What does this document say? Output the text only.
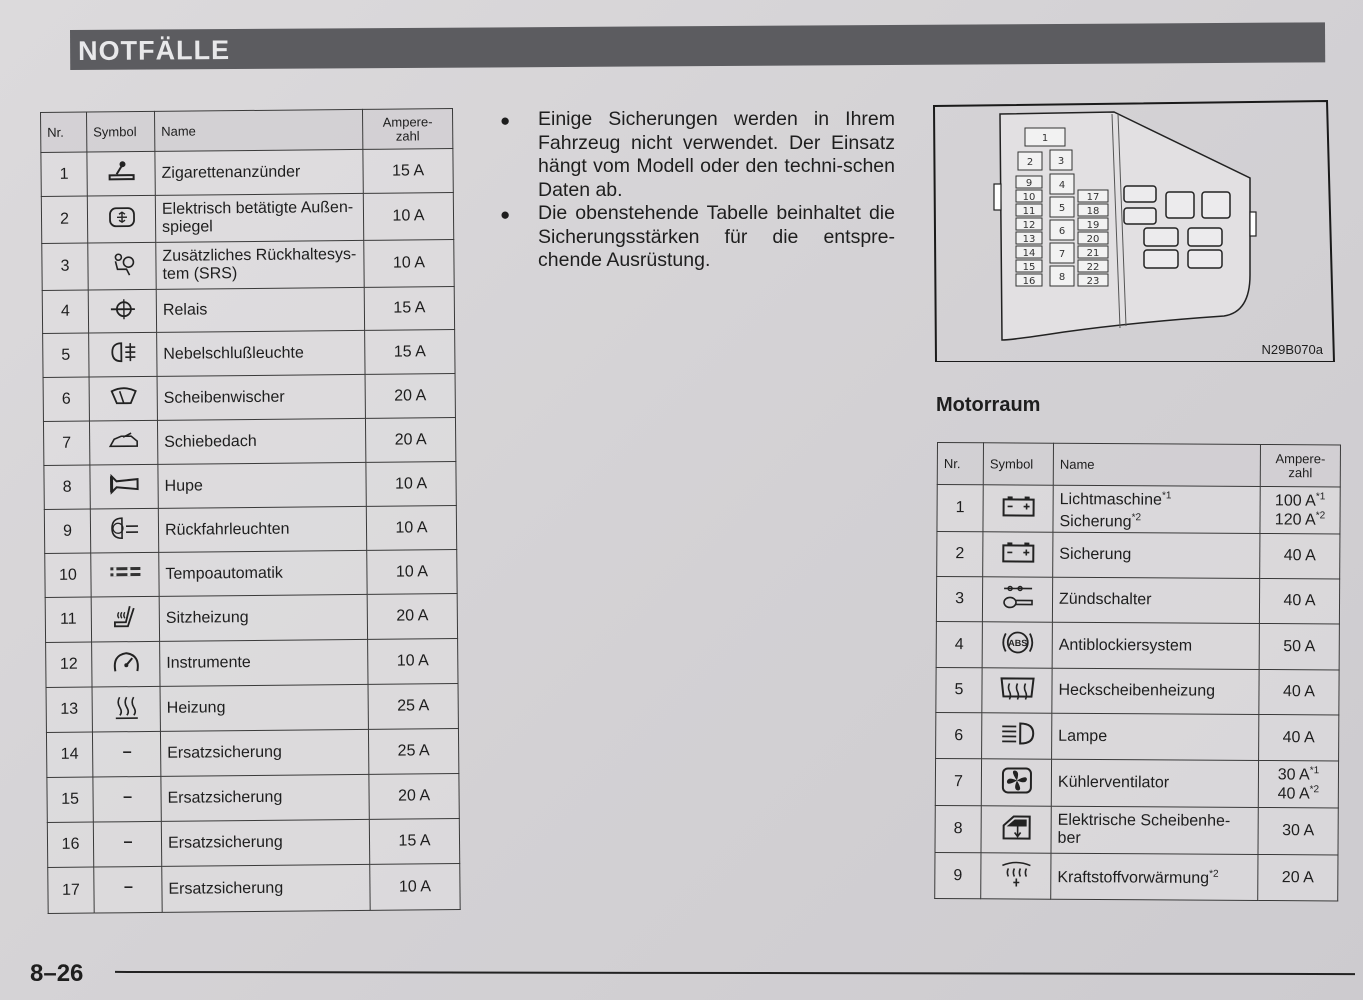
NOTFÄLLE
Nr.	Symbol	Name	Ampere-
zahl
1		Zigarettenanzünder	15 A
2		Elektrisch betätigte Außen-
spiegel	10 A
3		Zusätzliches Rückhaltesys-
tem (SRS)	10 A
4		Relais	15 A
5		Nebelschlußleuchte	15 A
6		Scheibenwischer	20 A
7		Schiebedach	20 A
8		Hupe	10 A
9		Rückfahrleuchten	10 A
10		Tempoautomatik	10 A
11		Sitzheizung	20 A
12		Instrumente	10 A
13		Heizung	25 A
14		Ersatzsicherung	25 A
15		Ersatzsicherung	20 A
16		Ersatzsicherung	15 A
17		Ersatzsicherung	10 A
● Einige Sicherungen werden in Ihrem Fahrzeug nicht verwendet. Der Einsatz hängt vom Modell oder den techni-schen Daten ab.
● Die obenstehende Tabelle beinhaltet die Sicherungsstärken für die entspre-chende Ausrüstung.
1
2 3
9	4
10
11 5
12
13
6
14 7
15
8
16
17
18
19
20
21
22
23
N29B070a
Motorraum
Nr.	Symbol	Name	Ampere-
zahl
1		Lichtmaschine$^{*1}$
Sicherung$^{*2}$	100 $A^{*1}$
120 $A^{*2}$
2		Sicherung	40 A
3		Zündschalter	40 A
4	ABS	Antiblockiersystem	50 A
5		Heckscheibenheizung	40 A
6		Lampe	40 A
7		Kühlerventilator	30 $A^{*1}$
40 $A^{*2}$
8		Elektrische Scheibenhe-
ber	30 A
9		Kraftstoffvorwärmung$^{*2}$	20 A
8–26
